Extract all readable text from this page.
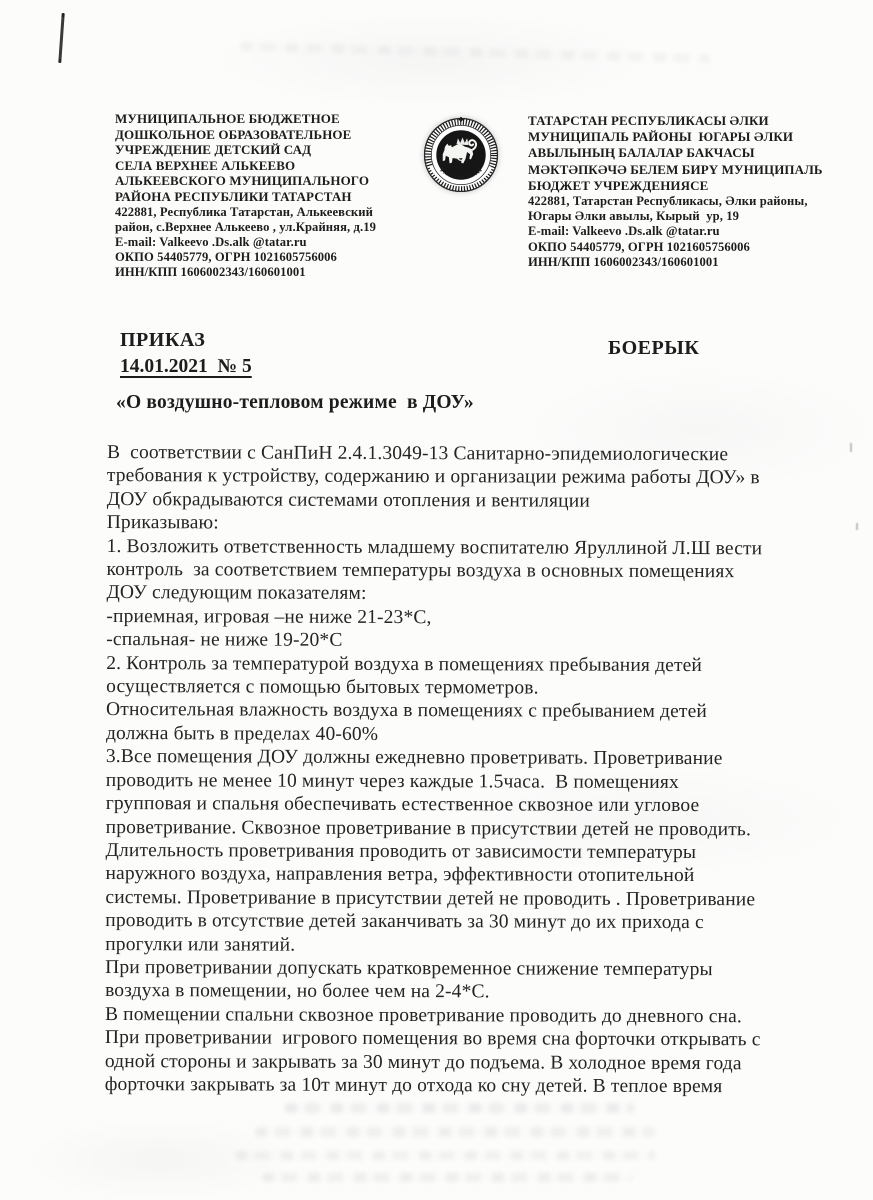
МУНИЦИПАЛЬНОЕ БЮДЖЕТНОЕ
ДОШКОЛЬНОЕ ОБРАЗОВАТЕЛЬНОЕ
УЧРЕЖДЕНИЕ ДЕТСКИЙ САД
СЕЛА ВЕРХНЕЕ АЛЬКЕЕВО
АЛЬКЕЕВСКОГО МУНИЦИПАЛЬНОГО
РАЙОНА РЕСПУБЛИКИ ТАТАРСТАН
422881, Республика Татарстан, Алькеевский
район, с.Верхнее Алькеево , ул.Крайняя, д.19
E-mail: Valkeevo .Ds.alk @tatar.ru
ОКПО 54405779, ОГРН 1021605756006
ИНН/КПП 1606002343/160601001
ТАТАРСТАН
ТАТАРСТАН РЕСПУБЛИКАСЫ ӘЛКИ
МУНИЦИПАЛЬ РАЙОНЫ  ЮГАРЫ ӘЛКИ
АВЫЛЫНЫҢ БАЛАЛАР БАКЧАСЫ
МӘКТӘПКӘЧӘ БЕЛЕМ БИРҮ МУНИЦИПАЛЬ
БЮДЖЕТ УЧРЕЖДЕНИЯСЕ
422881, Татарстан Республикасы, Әлки районы,
Югары Әлки авылы, Кырый  ур, 19
E-mail: Valkeevo .Ds.alk @tatar.ru
ОКПО 54405779, ОГРН 1021605756006
ИНН/КПП 1606002343/160601001
ПРИКАЗ	БОЕРЫК
14.01.2021  № 5
«О воздушно-тепловом режиме  в ДОУ»
В  соответствии с СанПиН 2.4.1.3049-13 Санитарно-эпидемиологические
требования к устройству, содержанию и организации режима работы ДОУ» в
ДОУ обкрадываются системами отопления и вентиляции
Приказываю:
1. Возложить ответственность младшему воспитателю Яруллиной Л.Ш вести
контроль  за соответствием температуры воздуха в основных помещениях
ДОУ следующим показателям:
-приемная, игровая –не ниже 21-23*С,
-спальная- не ниже 19-20*С
2. Контроль за температурой воздуха в помещениях пребывания детей
осуществляется с помощью бытовых термометров.
Относительная влажность воздуха в помещениях с пребыванием детей
должна быть в пределах 40-60%
3.Все помещения ДОУ должны ежедневно проветривать. Проветривание
проводить не менее 10 минут через каждые 1.5часа.  В помещениях
групповая и спальня обеспечивать естественное сквозное или угловое
проветривание. Сквозное проветривание в присутствии детей не проводить.
Длительность проветривания проводить от зависимости температуры
наружного воздуха, направления ветра, эффективности отопительной
системы. Проветривание в присутствии детей не проводить . Проветривание
проводить в отсутствие детей заканчивать за 30 минут до их прихода с
прогулки или занятий.
При проветривании допускать кратковременное снижение температуры
воздуха в помещении, но более чем на 2-4*С.
В помещении спальни сквозное проветривание проводить до дневного сна.
При проветривании  игрового помещения во время сна форточки открывать с
одной стороны и закрывать за 30 минут до подъема. В холодное время года
форточки закрывать за 10т минут до отхода ко сну детей. В теплое время
